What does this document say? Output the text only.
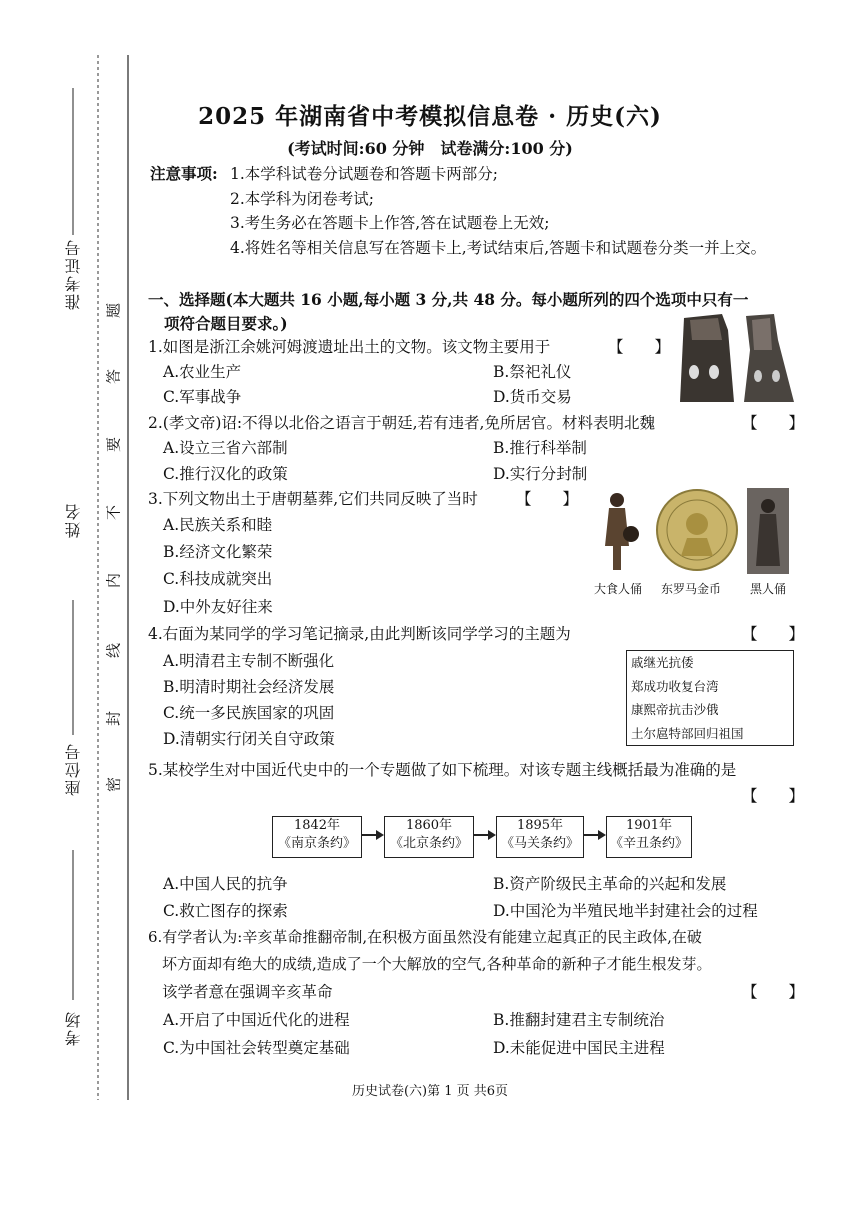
准考证号
姓名
座位号
考场
题
答
要
不
内
线
封
密
2025 年湖南省中考模拟信息卷 · 历史(六)
(考试时间:60 分钟　试卷满分:100 分)
注意事项: 1.本学科试卷分试题卷和答题卡两部分;
2.本学科为闭卷考试;
3.考生务必在答题卡上作答,答在试题卷上无效;
4.将姓名等相关信息写在答题卡上,考试结束后,答题卡和试题卷分类一并上交。
一、选择题(本大题共 16 小题,每小题 3 分,共 48 分。每小题所列的四个选项中只有一
项符合题目要求。)
1.如图是浙江余姚河姆渡遗址出土的文物。该文物主要用于	【　　】
A.农业生产	B.祭祀礼仪
C.军事战争	D.货币交易
2.(孝文帝)诏:不得以北俗之语言于朝廷,若有违者,免所居官。材料表明北魏	【　　】
A.设立三省六部制	B.推行科举制
C.推行汉化的政策	D.实行分封制
3.下列文物出土于唐朝墓葬,它们共同反映了当时 【　　】
A.民族关系和睦
B.经济文化繁荣
C.科技成就突出
D.中外友好往来
大食人俑 东罗马金币 黑人俑
4.右面为某同学的学习笔记摘录,由此判断该同学学习的主题为	【　　】
A.明清君主专制不断强化
B.明清时期社会经济发展
C.统一多民族国家的巩固
D.清朝实行闭关自守政策
戚继光抗倭
郑成功收复台湾
康熙帝抗击沙俄
土尔扈特部回归祖国
5.某校学生对中国近代史中的一个专题做了如下梳理。对该专题主线概括最为准确的是
【　　】
1842年
《南京条约》
1860年
《北京条约》
1895年
《马关条约》
1901年
《辛丑条约》
A.中国人民的抗争	B.资产阶级民主革命的兴起和发展
C.救亡图存的探索	D.中国沦为半殖民地半封建社会的过程
6.有学者认为:辛亥革命推翻帝制,在积极方面虽然没有能建立起真正的民主政体,在破
坏方面却有绝大的成绩,造成了一个大解放的空气,各种革命的新种子才能生根发芽。
该学者意在强调辛亥革命	【　　】
A.开启了中国近代化的进程	B.推翻封建君主专制统治
C.为中国社会转型奠定基础	D.未能促进中国民主进程
历史试卷(六)第 1 页 共6页
